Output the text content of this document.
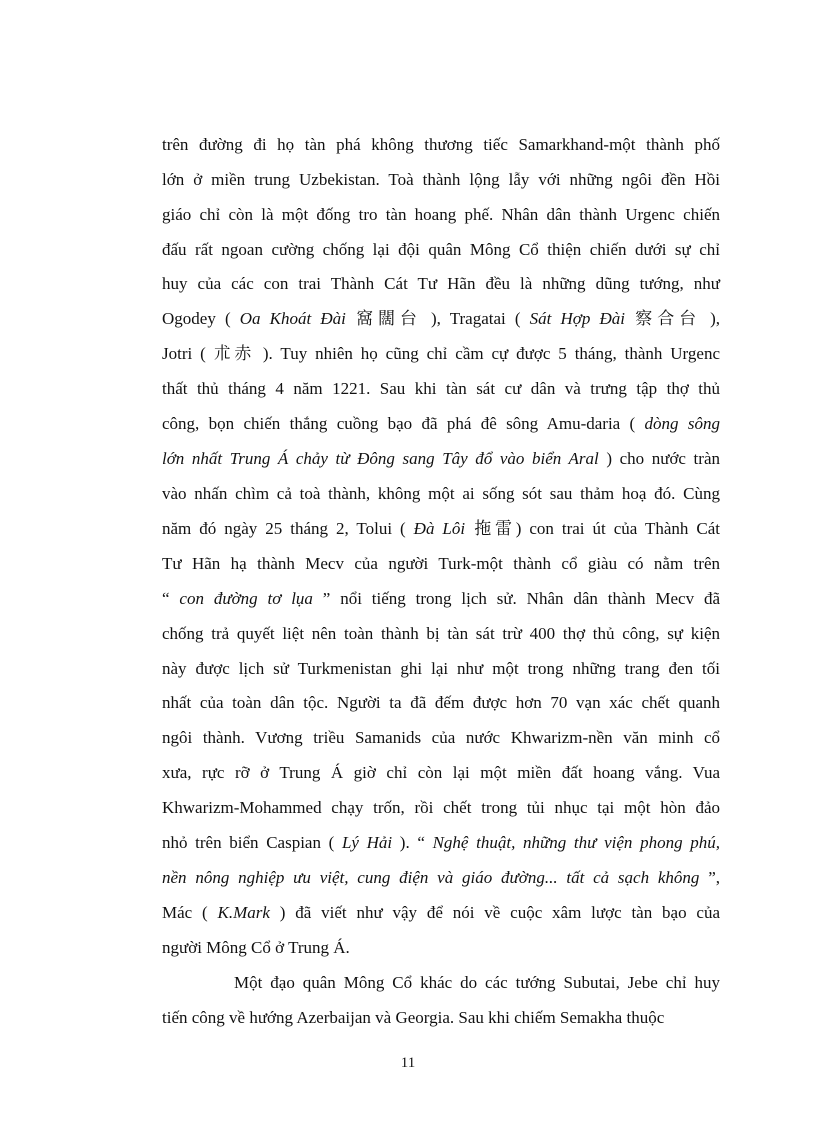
trên đường đi họ tàn phá không thương tiếc Samarkhand-một thành phố
lớn ở miền trung Uzbekistan. Toà thành lộng lẫy với những ngôi đền Hồi
giáo chỉ còn là một đống tro tàn hoang phế. Nhân dân thành Urgenc chiến
đấu rất ngoan cường chống lại đội quân Mông Cổ thiện chiến dưới sự chỉ
huy của các con trai Thành Cát Tư Hãn đều là những dũng tướng, như
Ogodey ( Oa Khoát Đài 窩闊台 ), Tragatai ( Sát Hợp Đài 察合台 ),
Jotri ( 朮赤 ). Tuy nhiên họ cũng chỉ cầm cự được 5 tháng, thành Urgenc
thất thủ tháng 4 năm 1221. Sau khi tàn sát cư dân và trưng tập thợ thủ
công, bọn chiến thắng cuồng bạo đã phá đê sông Amu-daria ( dòng sông
lớn nhất Trung Á chảy từ Đông sang Tây đổ vào biển Aral ) cho nước tràn
vào nhấn chìm cả toà thành, không một ai sống sót sau thảm hoạ đó. Cùng
năm đó ngày 25 tháng 2, Tolui ( Đà Lôi 拖雷) con trai út của Thành Cát
Tư Hãn hạ thành Mecv của người Turk-một thành cổ giàu có nằm trên
“ con đường tơ lụa ” nổi tiếng trong lịch sử. Nhân dân thành Mecv đã
chống trả quyết liệt nên toàn thành bị tàn sát trừ 400 thợ thủ công, sự kiện
này được lịch sử Turkmenistan ghi lại như một trong những trang đen tối
nhất của toàn dân tộc. Người ta đã đếm được hơn 70 vạn xác chết quanh
ngôi thành. Vương triều Samanids của nước Khwarizm-nền văn minh cổ
xưa, rực rỡ ở Trung Á giờ chỉ còn lại một miền đất hoang vắng. Vua
Khwarizm-Mohammed chạy trốn, rồi chết trong tủi nhục tại một hòn đảo
nhỏ trên biển Caspian ( Lý Hải ). “ Nghệ thuật, những thư viện phong phú,
nền nông nghiệp ưu việt, cung điện và giáo đường... tất cả sạch không ”,
Mác ( K.Mark ) đã viết như vậy để nói về cuộc xâm lược tàn bạo của
người Mông Cổ ở Trung Á.
Một đạo quân Mông Cổ khác do các tướng Subutai, Jebe chỉ huy
tiến công về hướng Azerbaijan và Georgia. Sau khi chiếm Semakha thuộc
11
